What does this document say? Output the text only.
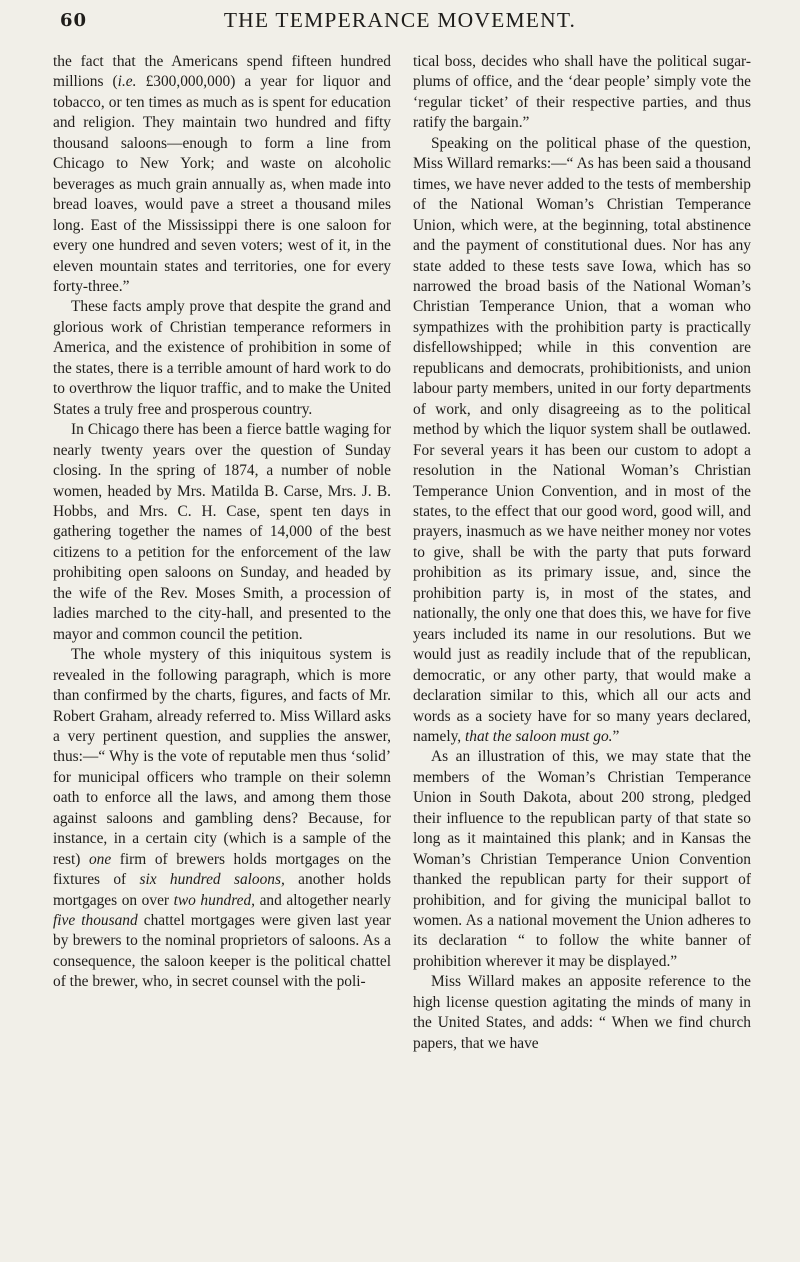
60	THE TEMPERANCE MOVEMENT.

the fact that the Americans spend fifteen hundred millions (i.e. £300,000,000) a year for liquor and tobacco, or ten times as much as is spent for education and religion. They maintain two hundred and fifty thousand saloons—enough to form a line from Chicago to New York; and waste on alcoholic beverages as much grain annually as, when made into bread loaves, would pave a street a thousand miles long. East of the Mississippi there is one saloon for every one hundred and seven voters; west of it, in the eleven mountain states and territories, one for every forty-three.”

These facts amply prove that despite the grand and glorious work of Christian temperance reformers in America, and the existence of prohibition in some of the states, there is a terrible amount of hard work to do to overthrow the liquor traffic, and to make the United States a truly free and prosperous country.

In Chicago there has been a fierce battle waging for nearly twenty years over the question of Sunday closing. In the spring of 1874, a number of noble women, headed by Mrs. Matilda B. Carse, Mrs. J. B. Hobbs, and Mrs. C. H. Case, spent ten days in gathering together the names of 14,000 of the best citizens to a petition for the enforcement of the law prohibiting open saloons on Sunday, and headed by the wife of the Rev. Moses Smith, a procession of ladies marched to the city-hall, and presented to the mayor and common council the petition.

The whole mystery of this iniquitous system is revealed in the following paragraph, which is more than confirmed by the charts, figures, and facts of Mr. Robert Graham, already referred to. Miss Willard asks a very pertinent question, and supplies the answer, thus:—“ Why is the vote of reputable men thus ‘solid’ for municipal officers who trample on their solemn oath to enforce all the laws, and among them those against saloons and gambling dens? Because, for instance, in a certain city (which is a sample of the rest) one firm of brewers holds mortgages on the fixtures of six hundred saloons, another holds mortgages on over two hundred, and altogether nearly five thousand chattel mortgages were given last year by brewers to the nominal proprietors of saloons. As a consequence, the saloon keeper is the political chattel of the brewer, who, in secret counsel with the poli-

tical boss, decides who shall have the political sugar-plums of office, and the ‘dear people’ simply vote the ‘regular ticket’ of their respective parties, and thus ratify the bargain.”

Speaking on the political phase of the question, Miss Willard remarks:—“ As has been said a thousand times, we have never added to the tests of membership of the National Woman’s Christian Temperance Union, which were, at the beginning, total abstinence and the payment of constitutional dues. Nor has any state added to these tests save Iowa, which has so narrowed the broad basis of the National Woman’s Christian Temperance Union, that a woman who sympathizes with the prohibition party is practically disfellowshipped; while in this convention are republicans and democrats, prohibitionists, and union labour party members, united in our forty departments of work, and only disagreeing as to the political method by which the liquor system shall be outlawed. For several years it has been our custom to adopt a resolution in the National Woman’s Christian Temperance Union Convention, and in most of the states, to the effect that our good word, good will, and prayers, inasmuch as we have neither money nor votes to give, shall be with the party that puts forward prohibition as its primary issue, and, since the prohibition party is, in most of the states, and nationally, the only one that does this, we have for five years included its name in our resolutions. But we would just as readily include that of the republican, democratic, or any other party, that would make a declaration similar to this, which all our acts and words as a society have for so many years declared, namely, that the saloon must go.”

As an illustration of this, we may state that the members of the Woman’s Christian Temperance Union in South Dakota, about 200 strong, pledged their influence to the republican party of that state so long as it maintained this plank; and in Kansas the Woman’s Christian Temperance Union Convention thanked the republican party for their support of prohibition, and for giving the municipal ballot to women. As a national movement the Union adheres to its declaration “ to follow the white banner of prohibition wherever it may be displayed.”

Miss Willard makes an apposite reference to the high license question agitating the minds of many in the United States, and adds: “ When we find church papers, that we have
